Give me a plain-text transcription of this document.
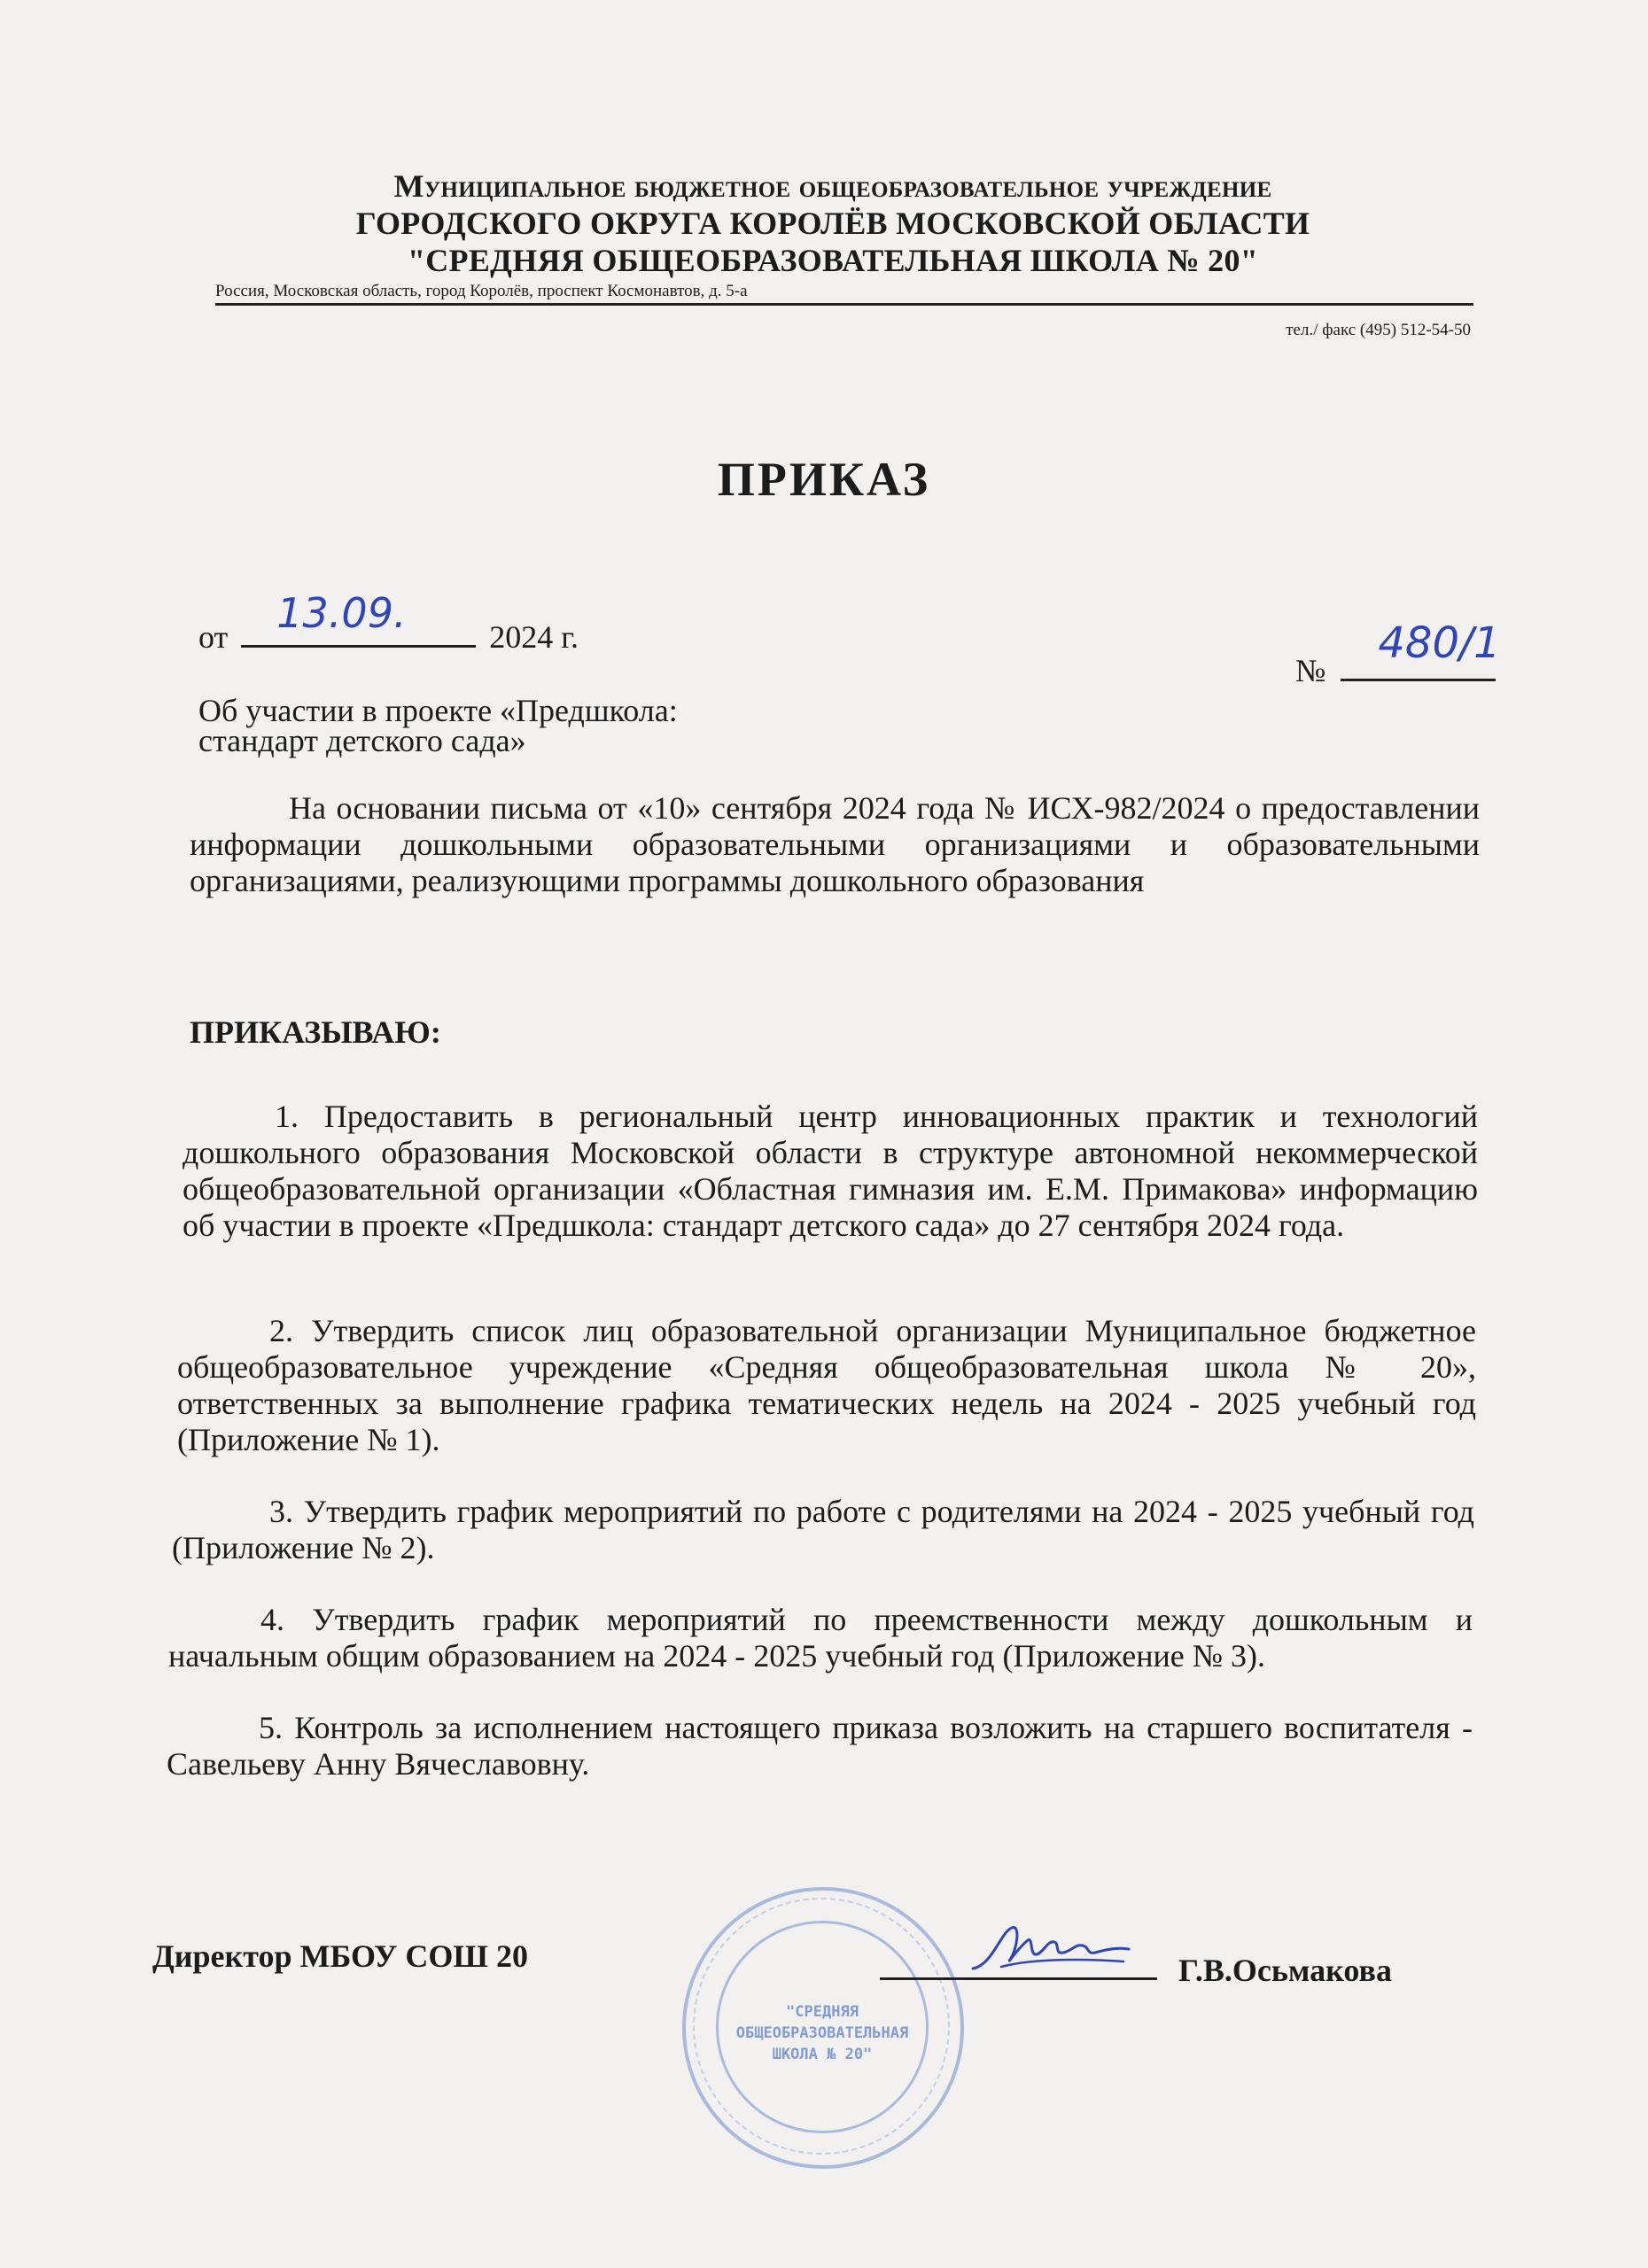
Муниципальное бюджетное общеобразовательное учреждение
ГОРОДСКОГО ОКРУГА КОРОЛЁВ МОСКОВСКОЙ ОБЛАСТИ
"СРЕДНЯЯ ОБЩЕОБРАЗОВАТЕЛЬНАЯ ШКОЛА № 20"
Россия, Московская область, город Королёв, проспект Космонавтов, д. 5-а
тел./ факс (495) 512-54-50
ПРИКАЗ
от 13.09.	2024 г.
№
480/1
Об участии в проекте «Предшкола:
стандарт детского сада»
На основании письма от «10» сентября 2024 года № ИСХ-982/2024 о предоставлении информации дошкольными образовательными организациями и образовательными организациями, реализующими программы дошкольного образования
ПРИКАЗЫВАЮ:
1. Предоставить в региональный центр инновационных практик и технологий дошкольного образования Московской области в структуре автономной некоммерческой общеобразовательной организации «Областная гимназия им. Е.М. Примакова» информацию об участии в проекте «Предшкола: стандарт детского сада» до 27 сентября 2024 года.
2. Утвердить список лиц образовательной организации Муниципальное бюджетное общеобразовательное учреждение «Средняя общеобразовательная школа № 20», ответственных за выполнение графика тематических недель на 2024 - 2025 учебный год (Приложение № 1).
3. Утвердить график мероприятий по работе с родителями на 2024 - 2025 учебный год (Приложение № 2).
4. Утвердить график мероприятий по преемственности между дошкольным и начальным общим образованием на 2024 - 2025 учебный год (Приложение № 3).
5. Контроль за исполнением настоящего приказа возложить на старшего воспитателя - Савельеву Анну Вячеславовну.
"СРЕДНЯЯ
ОБЩЕОБРАЗОВАТЕЛЬНАЯ
ШКОЛА № 20"
Директор МБОУ СОШ 20	Г.В.Осьмакова
